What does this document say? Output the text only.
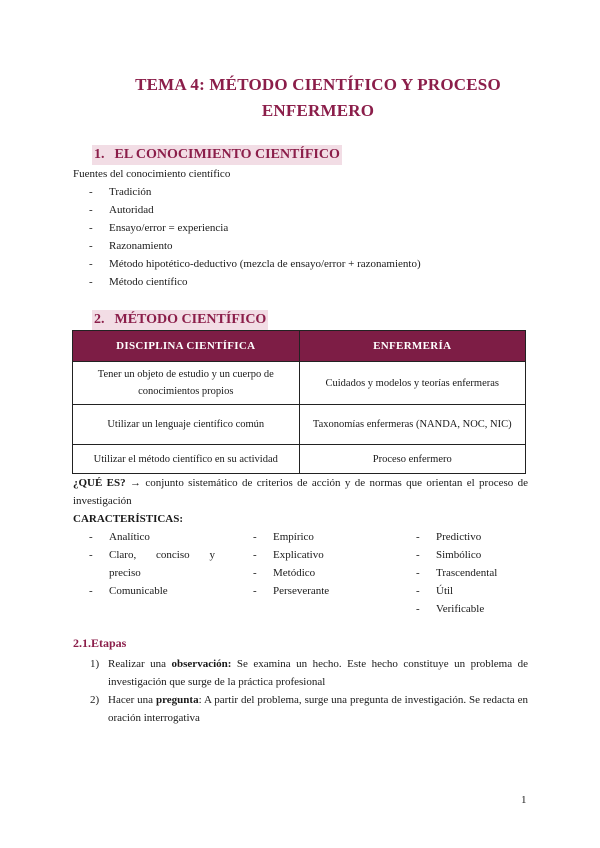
TEMA 4: MÉTODO CIENTÍFICO Y PROCESO
ENFERMERO
1. EL CONOCIMIENTO CIENTÍFICO
Fuentes del conocimiento científico
- Tradición
- Autoridad
- Ensayo/error = experiencia
- Razonamiento
- Método hipotético-deductivo (mezcla de ensayo/error + razonamiento)
- Método científico
2. MÉTODO CIENTÍFICO
DISCIPLINA CIENTÍFICA	ENFERMERÍA
Tener un objeto de estudio y un cuerpo de conocimientos propios	Cuidados y modelos y teorías enfermeras
Utilizar un lenguaje científico común	Taxonomías enfermeras (NANDA, NOC, NIC)
Utilizar el método científico en su actividad	Proceso enfermero
¿QUÉ ES? → conjunto sistemático de criterios de acción y de normas que orientan el proceso de investigación
CARACTERÍSTICAS:
- Analítico
- Claro, conciso y preciso
- Comunicable
- Empírico
- Explicativo
- Metódico
- Perseverante
- Predictivo
- Simbólico
- Trascendental
- Útil
- Verificable
2.1.Etapas
1) Realizar una observación: Se examina un hecho. Este hecho constituye un problema de investigación que surge de la práctica profesional
2) Hacer una pregunta: A partir del problema, surge una pregunta de investigación. Se redacta en oración interrogativa
1
